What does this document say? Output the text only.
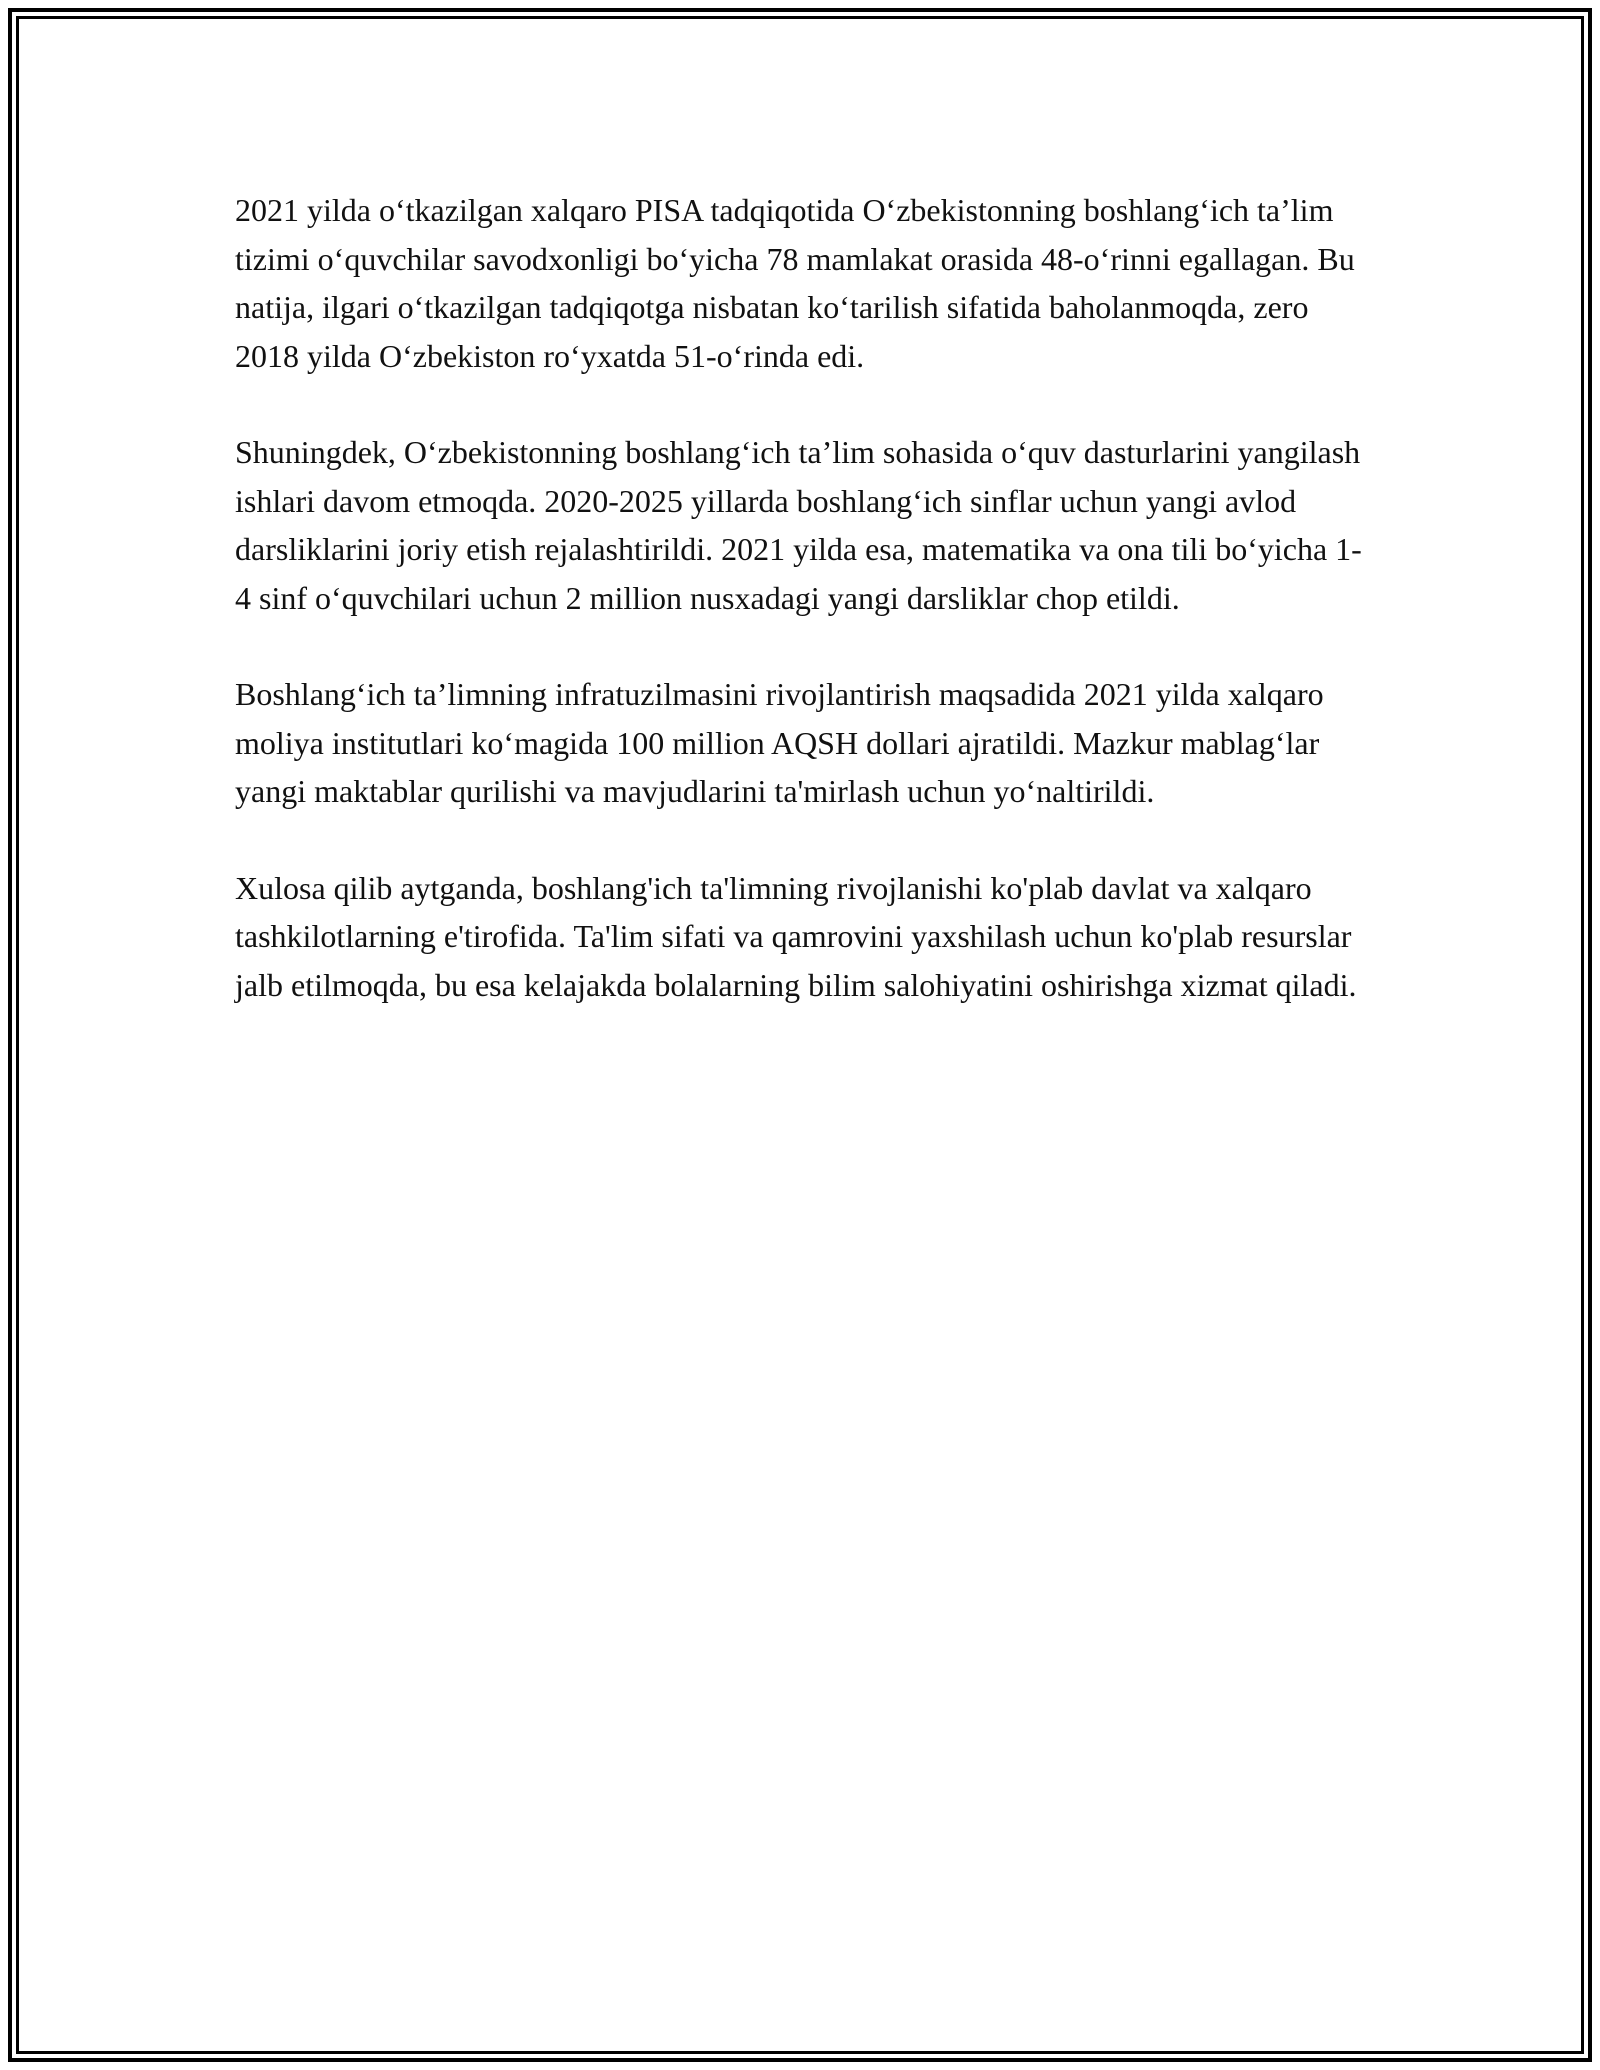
2021 yilda o‘tkazilgan xalqaro PISA tadqiqotida O‘zbekistonning boshlang‘ich ta’lim tizimi o‘quvchilar savodxonligi bo‘yicha 78 mamlakat orasida 48-o‘rinni egallagan. Bu natija, ilgari o‘tkazilgan tadqiqotga nisbatan ko‘tarilish sifatida baholanmoqda, zero 2018 yilda O‘zbekiston ro‘yxatda 51-o‘rinda edi.

Shuningdek, O‘zbekistonning boshlang‘ich ta’lim sohasida o‘quv dasturlarini yangilash ishlari davom etmoqda. 2020-2025 yillarda boshlang‘ich sinflar uchun yangi avlod darsliklarini joriy etish rejalashtirildi. 2021 yilda esa, matematika va ona tili bo‘yicha 1-4 sinf o‘quvchilari uchun 2 million nusxadagi yangi darsliklar chop etildi.

Boshlang‘ich ta’limning infratuzilmasini rivojlantirish maqsadida 2021 yilda xalqaro moliya institutlari ko‘magida 100 million AQSH dollari ajratildi. Mazkur mablag‘lar yangi maktablar qurilishi va mavjudlarini ta'mirlash uchun yo‘naltirildi.

Xulosa qilib aytganda, boshlang'ich ta'limning rivojlanishi ko'plab davlat va xalqaro tashkilotlarning e'tirofida. Ta'lim sifati va qamrovini yaxshilash uchun ko'plab resurslar jalb etilmoqda, bu esa kelajakda bolalarning bilim salohiyatini oshirishga xizmat qiladi.
